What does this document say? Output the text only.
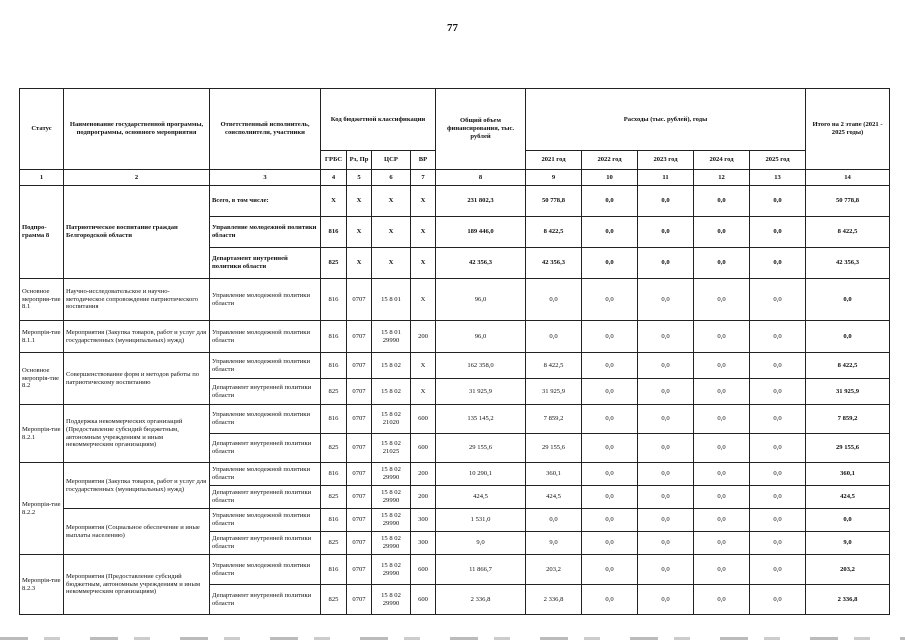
77
Статус	Наименование государственной программы, подпрограммы, основного мероприятия	Ответственный исполнитель, соисполнители, участники	Код бюджетной классификации				Общий объем финансирования, тыс. рублей	Расходы (тыс. рублей), годы					Итого на 2 этапе (2021 - 2025 годы)
			ГРБС	Рз, Пр	ЦСР	ВР		2021 год	2022 год	2023 год	2024 год	2025 год	
1	2	3	4	5	6	7	8	9	10	11	12	13	14
Подпро-грамма 8	Патриотическое воспитание граждан Белгородской области	Всего, в том числе:	Х	Х	Х	Х	231 802,3	50 778,8	0,0	0,0	0,0	0,0	50 778,8
		Управление молодежной политики области	816	Х	Х	Х	189 446,0	8 422,5	0,0	0,0	0,0	0,0	8 422,5
		Департамент внутренней политики области	825	Х	Х	Х	42 356,3	42 356,3	0,0	0,0	0,0	0,0	42 356,3
Основное мероприя-тие 8.1	Научно-исследовательское и научно-методическое сопровождение патриотического воспитания	Управление молодежной политики области	816	0707	15 8 01	Х	96,0	0,0	0,0	0,0	0,0	0,0	0,0
Меропрія-тие 8.1.1	Мероприятия (Закупка товаров, работ и услуг для государственных (муниципальных) нужд)	Управление молодежной политики области	816	0707	15 8 01 29990	200	96,0	0,0	0,0	0,0	0,0	0,0	0,0
Основное меропрія-тие 8.2	Совершенствование форм и методов работы по патриотическому воспитанию	Управление молодежной политики области	816	0707	15 8 02	Х	162 358,0	8 422,5	0,0	0,0	0,0	0,0	8 422,5
		Департамент внутренней политики области	825	0707	15 8 02	Х	31 925,9	31 925,9	0,0	0,0	0,0	0,0	31 925,9
Меропрія-тие 8.2.1	Поддержка некоммерческих организаций (Предоставление субсидий бюджетным, автономным учреждениям и иным некоммерческим организациям)	Управление молодежной политики области	816	0707	15 8 02 21020	600	135 145,2	7 859,2	0,0	0,0	0,0	0,0	7 859,2
		Департамент внутренней политики области	825	0707	15 8 02 21025	600	29 155,6	29 155,6	0,0	0,0	0,0	0,0	29 155,6
Меропрія-тие 8.2.2	Мероприятия (Закупка товаров, работ и услуг для государственных (муниципальных) нужд)	Управление молодежной политики области	816	0707	15 8 02 29990	200	10 290,1	360,1	0,0	0,0	0,0	0,0	360,1
		Департамент внутренней политики области	825	0707	15 8 02 29990	200	424,5	424,5	0,0	0,0	0,0	0,0	424,5
	Мероприятия (Социальное обеспечение и иные выплаты населению)	Управление молодежной политики области	816	0707	15 8 02 29990	300	1 531,0	0,0	0,0	0,0	0,0	0,0	0,0
		Департамент внутренней политики области	825	0707	15 8 02 29990	300	9,0	9,0	0,0	0,0	0,0	0,0	9,0
Меропрія-тие 8.2.3	Мероприятия (Предоставление субсидий бюджетным, автономным учреждениям и иным некоммерческим организациям)	Управление молодежной политики области	816	0707	15 8 02 29990	600	11 866,7	203,2	0,0	0,0	0,0	0,0	203,2
		Департамент внутренней политики области	825	0707	15 8 02 29990	600	2 336,8	2 336,8	0,0	0,0	0,0	0,0	2 336,8
